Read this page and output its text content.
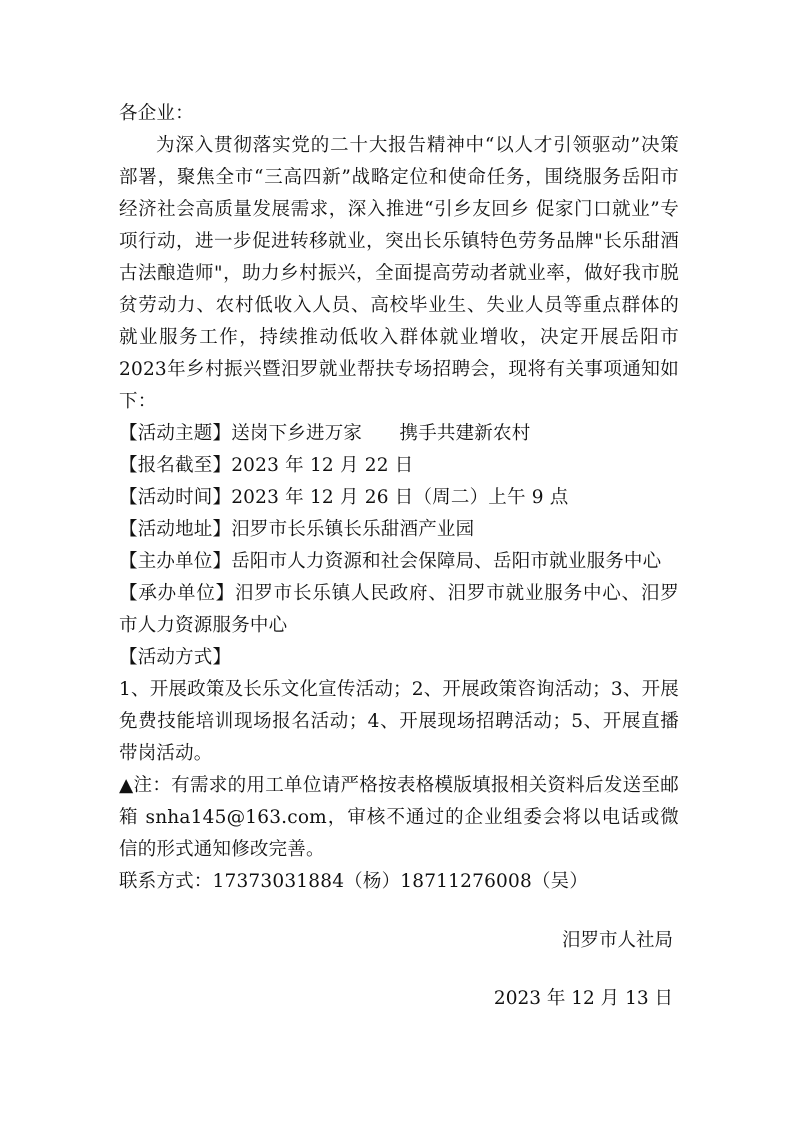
各企业：

为深入贯彻落实党的二十大报告精神中“以人才引领驱动”决策部署，聚焦全市“三高四新”战略定位和使命任务，围绕服务岳阳市经济社会高质量发展需求，深入推进“引乡友回乡 促家门口就业”专项行动，进一步促进转移就业，突出长乐镇特色劳务品牌"长乐甜酒古法酿造师"，助力乡村振兴，全面提高劳动者就业率，做好我市脱贫劳动力、农村低收入人员、高校毕业生、失业人员等重点群体的就业服务工作，持续推动低收入群体就业增收，决定开展岳阳市2023年乡村振兴暨汨罗就业帮扶专场招聘会，现将有关事项通知如下：

【活动主题】送岗下乡进万家　　携手共建新农村

【报名截至】2023 年 12 月 22 日

【活动时间】2023 年 12 月 26 日（周二）上午 9 点

【活动地址】汨罗市长乐镇长乐甜酒产业园

【主办单位】岳阳市人力资源和社会保障局、岳阳市就业服务中心

【承办单位】汨罗市长乐镇人民政府、汨罗市就业服务中心、汨罗市人力资源服务中心

【活动方式】

1、开展政策及长乐文化宣传活动；2、开展政策咨询活动；3、开展免费技能培训现场报名活动；4、开展现场招聘活动；5、开展直播带岗活动。

▲注：有需求的用工单位请严格按表格模版填报相关资料后发送至邮箱 snha145@163.com，审核不通过的企业组委会将以电话或微信的形式通知修改完善。

联系方式：17373031884（杨）18711276008（吴）

汨罗市人社局
2023 年 12 月 13 日
